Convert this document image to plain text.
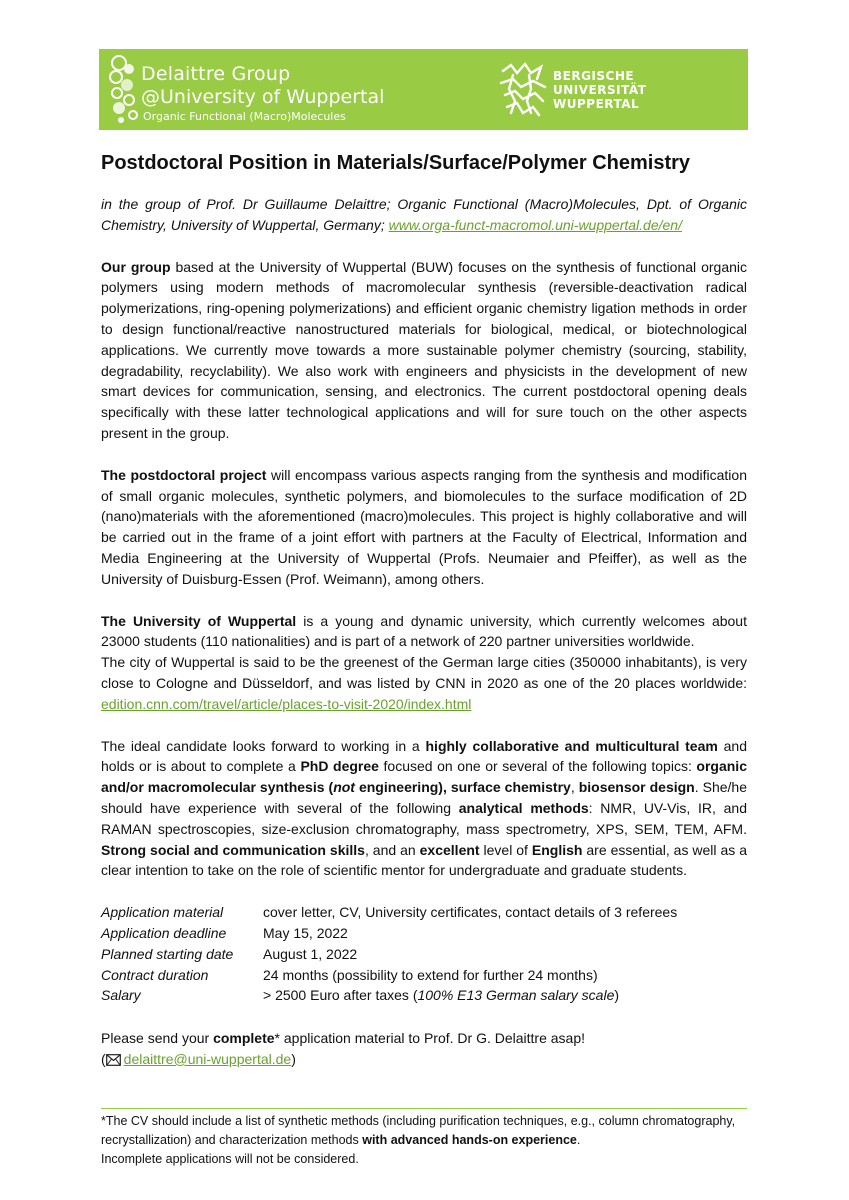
Delaittre Group
@University of Wuppertal
Organic Functional (Macro)Molecules
BERGISCHE
UNIVERSITÄT
WUPPERTAL
Postdoctoral Position in Materials/Surface/Polymer Chemistry

in the group of Prof. Dr Guillaume Delaittre; Organic Functional (Macro)Molecules, Dpt. of Organic Chemistry, University of Wuppertal, Germany; www.orga-funct-macromol.uni-wuppertal.de/en/

Our group based at the University of Wuppertal (BUW) focuses on the synthesis of functional organic polymers using modern methods of macromolecular synthesis (reversible-deactivation radical polymerizations, ring-opening polymerizations) and efficient organic chemistry ligation methods in order to design functional/reactive nanostructured materials for biological, medical, or biotechnological applications. We currently move towards a more sustainable polymer chemistry (sourcing, stability, degradability, recyclability). We also work with engineers and physicists in the development of new smart devices for communication, sensing, and electronics. The current postdoctoral opening deals specifically with these latter technological applications and will for sure touch on the other aspects present in the group.

The postdoctoral project will encompass various aspects ranging from the synthesis and modification of small organic molecules, synthetic polymers, and biomolecules to the surface modification of 2D (nano)materials with the aforementioned (macro)molecules. This project is highly collaborative and will be carried out in the frame of a joint effort with partners at the Faculty of Electrical, Information and Media Engineering at the University of Wuppertal (Profs. Neumaier and Pfeiffer), as well as the University of Duisburg-Essen (Prof. Weimann), among others.

The University of Wuppertal is a young and dynamic university, which currently welcomes about 23000 students (110 nationalities) and is part of a network of 220 partner universities worldwide.
The city of Wuppertal is said to be the greenest of the German large cities (350000 inhabitants), is very close to Cologne and Düsseldorf, and was listed by CNN in 2020 as one of the 20 places worldwide: edition.cnn.com/travel/article/places-to-visit-2020/index.html

The ideal candidate looks forward to working in a highly collaborative and multicultural team and holds or is about to complete a PhD degree focused on one or several of the following topics: organic and/or macromolecular synthesis (not engineering), surface chemistry, biosensor design. She/he should have experience with several of the following analytical methods: NMR, UV-Vis, IR, and RAMAN spectroscopies, size-exclusion chromatography, mass spectrometry, XPS, SEM, TEM, AFM. Strong social and communication skills, and an excellent level of English are essential, as well as a clear intention to take on the role of scientific mentor for undergraduate and graduate students.

Application material	cover letter, CV, University certificates, contact details of 3 referees
Application deadline	May 15, 2022
Planned starting date	August 1, 2022
Contract duration	24 months (possibility to extend for further 24 months)
Salary	> 2500 Euro after taxes (100% E13 German salary scale)

Please send your complete* application material to Prof. Dr G. Delaittre asap!
( delaittre@uni-wuppertal.de)

*The CV should include a list of synthetic methods (including purification techniques, e.g., column chromatography, recrystallization) and characterization methods with advanced hands-on experience.
Incomplete applications will not be considered.
